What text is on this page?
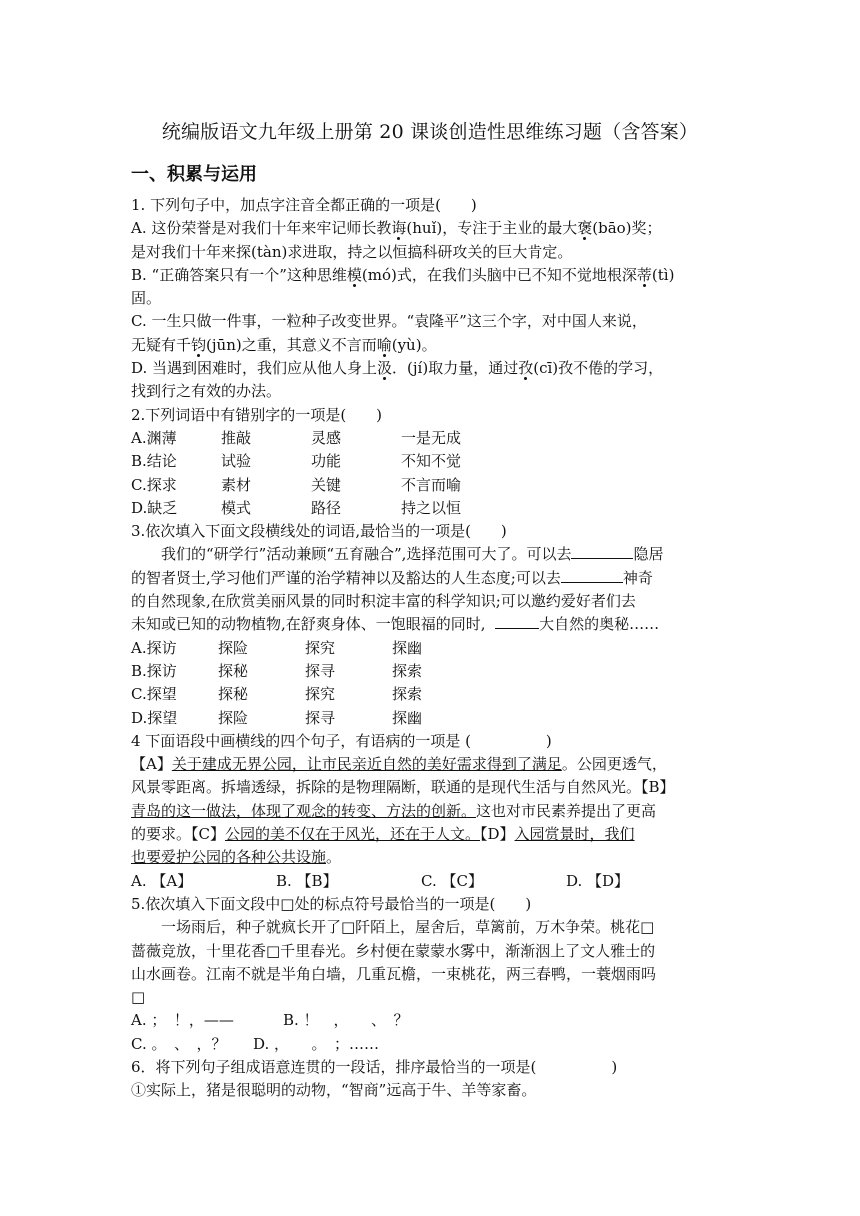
统编版语文九年级上册第 20 课谈创造性思维练习题（含答案）
一、积累与运用

1. 下列句子中，加点字注音全都正确的一项是(　　)

A. 这份荣誉是对我们十年来牢记师长教诲(huǐ)，专注于主业的最大褒(bāo)奖；

是对我们十年来探(tàn)求进取，持之以恒搞科研攻关的巨大肯定。

B. “正确答案只有一个”这种思维模(mó)式，在我们头脑中已不知不觉地根深蒂(tì)

固。

C. 一生只做一件事，一粒种子改变世界。“袁隆平”这三个字，对中国人来说，

无疑有千钧(jūn)之重，其意义不言而喻(yù)。

D. 当遇到困难时，我们应从他人身上汲．(jí)取力量，通过孜(cī)孜不倦的学习，

找到行之有效的办法。

2.下列词语中有错别字的一项是(　　)

A.渊薄	推敲	灵感	一是无成
B.结论	试验	功能	不知不觉
C.探求	素材	关键	不言而喻
D.缺乏	模式	路径	持之以恒

3.依次填入下面文段横线处的词语,最恰当的一项是(　　)

我们的“研学行”活动兼顾“五育融合”,选择范围可大了。可以去	隐居

的智者贤士,学习他们严谨的治学精神以及豁达的人生态度;可以去	神奇

的自然现象,在欣赏美丽风景的同时积淀丰富的科学知识;可以邀约爱好者们去

未知或已知的动物植物,在舒爽身体、一饱眼福的同时,	大自然的奥秘……

A.探访	探险	探究	探幽
B.探访	探秘	探寻	探索
C.探望	探秘	探究	探索
D.探望	探险	探寻	探幽

4 下面语段中画横线的四个句子，有语病的一项是 (　　　　　)

【A】关于建成无界公园，让市民亲近自然的美好需求得到了满足。公园更透气，

风景零距离。拆墙透绿，拆除的是物理隔断，联通的是现代生活与自然风光。【B】

青岛的这一做法，体现了观念的转变、方法的创新。这也对市民素养提出了更高

的要求。【C】公园的美不仅在于风光，还在于人文。【D】入园赏景时，我们

也要爱护公园的各种公共设施。

A. 【A】	B. 【B】	C. 【C】	D. 【D】

5.依次填入下面文段中□处的标点符号最恰当的一项是(　　)

一场雨后，种子就疯长开了□阡陌上，屋舍后，草篱前，万木争荣。桃花□

蔷薇竞放，十里花香□千里春光。乡村便在蒙蒙水雾中，渐渐洇上了文人雅士的

山水画卷。江南不就是半角白墙，几重瓦檐，一束桃花，两三春鸭，一蓑烟雨吗

□

A. ；　！，——	B. ！　，　　、　？
C. 。　、　，？	D. ，　　。　；……

6．将下列句子组成语意连贯的一段话，排序最恰当的一项是(　　　　　)

①实际上，猪是很聪明的动物，“智商”远高于牛、羊等家畜。
